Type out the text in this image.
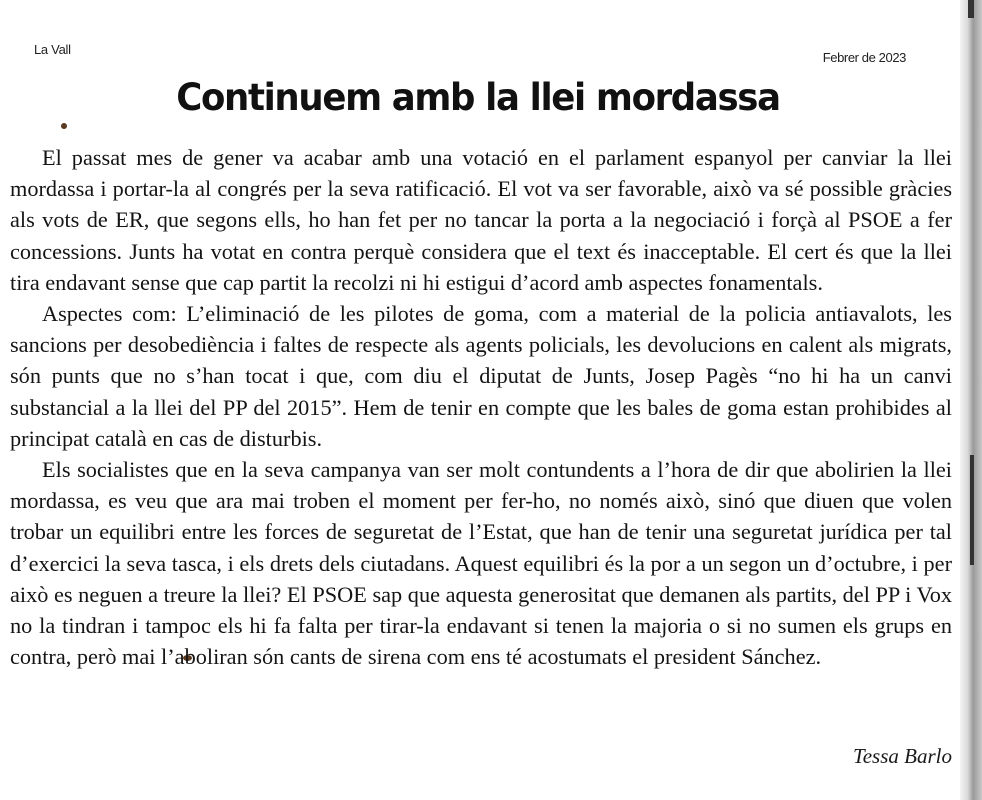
La Vall
Febrer de 2023
Continuem amb la llei mordassa

El passat mes de gener va acabar amb una votació en el parlament espanyol per canviar la llei mordassa i portar-la al congrés per la seva ratificació. El vot va ser favorable, això va sé possible gràcies als vots de ER, que segons ells, ho han fet per no tancar la porta a la negociació i forçà al PSOE a fer concessions. Junts ha votat en contra perquè considera que el text és inacceptable. El cert és que la llei tira endavant sense que cap partit la recolzi ni hi estigui d’acord amb aspectes fonamentals.

Aspectes com: L’eliminació de les pilotes de goma, com a material de la policia antiavalots, les sancions per desobediència i faltes de respecte als agents policials, les devolucions en calent als migrats, són punts que no s’han tocat i que, com diu el diputat de Junts, Josep Pagès “no hi ha un canvi substancial a la llei del PP del 2015”. Hem de tenir en compte que les bales de goma estan prohibides al principat català en cas de disturbis.

Els socialistes que en la seva campanya van ser molt contundents a l’hora de dir que abolirien la llei mordassa, es veu que ara mai troben el moment per fer-ho, no només això, sinó que diuen que volen trobar un equilibri entre les forces de seguretat de l’Estat, que han de tenir una seguretat jurídica per tal d’exercici la seva tasca, i els drets dels ciutadans. Aquest equilibri és la por a un segon un d’octubre, i per això es neguen a treure la llei? El PSOE sap que aquesta generositat que demanen als partits, del PP i Vox no la tindran i tampoc els hi fa falta per tirar-la endavant si tenen la majoria o si no sumen els grups en contra, però mai l’aboliran són cants de sirena com ens té acostumats el president Sánchez.

Tessa Barlo
